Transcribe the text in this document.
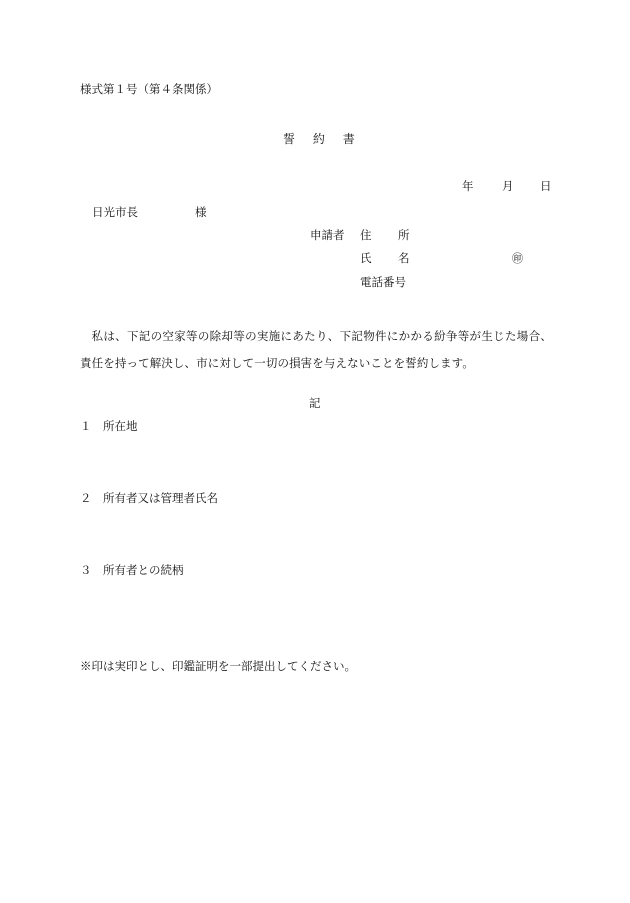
様式第１号（第４条関係）
誓 約 書
年 月 日
日光市長	様
申請者 住 所
氏 名	㊞
電話番号
私は、下記の空家等の除却等の実施にあたり、下記物件にかかる紛争等が生じた場合、責任を持って解決し、市に対して一切の損害を与えないことを誓約します。
記
１ 所在地
２ 所有者又は管理者氏名
３ 所有者との続柄
※印は実印とし、印鑑証明を一部提出してください。
